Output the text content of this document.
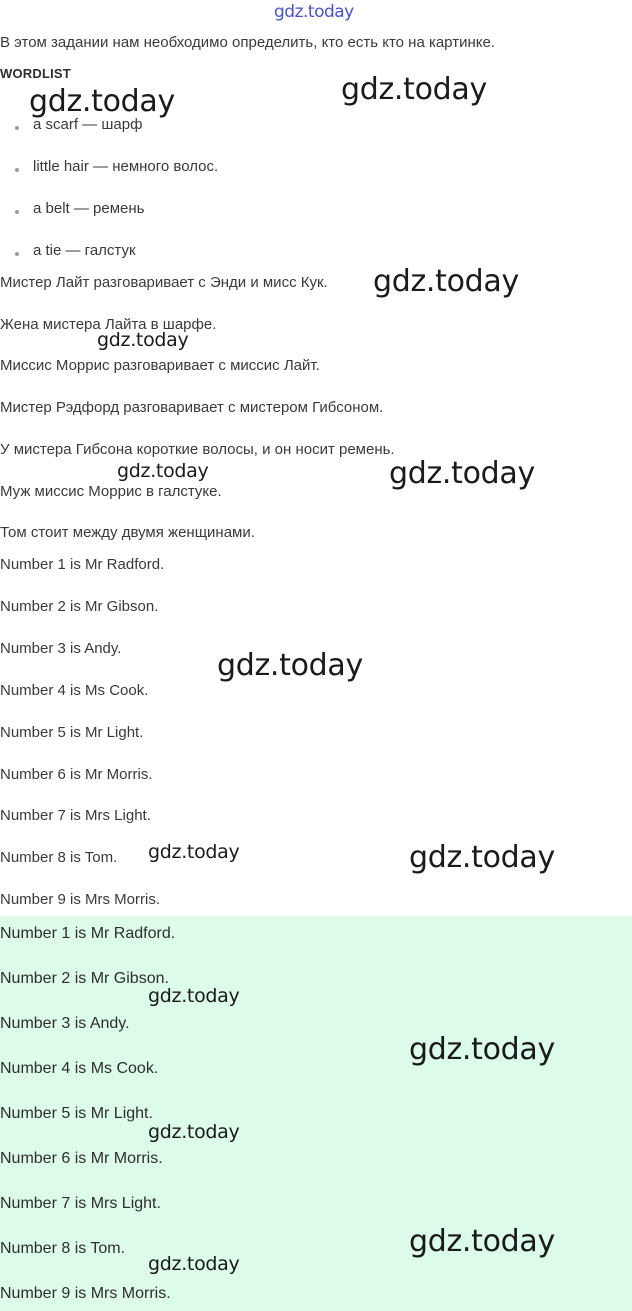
gdz.today
В этом задании нам необходимо определить, кто есть кто на картинке.
WORDLIST
a scarf — шарф
little hair — немного волос.
a belt — ремень
a tie — галстук
Мистер Лайт разговаривает с Энди и мисс Кук.
Жена мистера Лайта в шарфе.
Миссис Моррис разговаривает с миссис Лайт.
Мистер Рэдфорд разговаривает с мистером Гибсоном.
У мистера Гибсона короткие волосы, и он носит ремень.
Муж миссис Моррис в галстуке.
Том стоит между двумя женщинами.
Number 1 is Mr Radford.
Number 2 is Mr Gibson.
Number 3 is Andy.
Number 4 is Ms Cook.
Number 5 is Mr Light.
Number 6 is Mr Morris.
Number 7 is Mrs Light.
Number 8 is Tom.
Number 9 is Mrs Morris.
Number 1 is Mr Radford.
Number 2 is Mr Gibson.
Number 3 is Andy.
Number 4 is Ms Cook.
Number 5 is Mr Light.
Number 6 is Mr Morris.
Number 7 is Mrs Light.
Number 8 is Tom.
Number 9 is Mrs Morris.
gdz.today	gdz.today
gdz.today
gdz.today
gdz.today	gdz.today
gdz.today
gdz.today	gdz.today
gdz.today
gdz.today
gdz.today
gdz.today
gdz.today
